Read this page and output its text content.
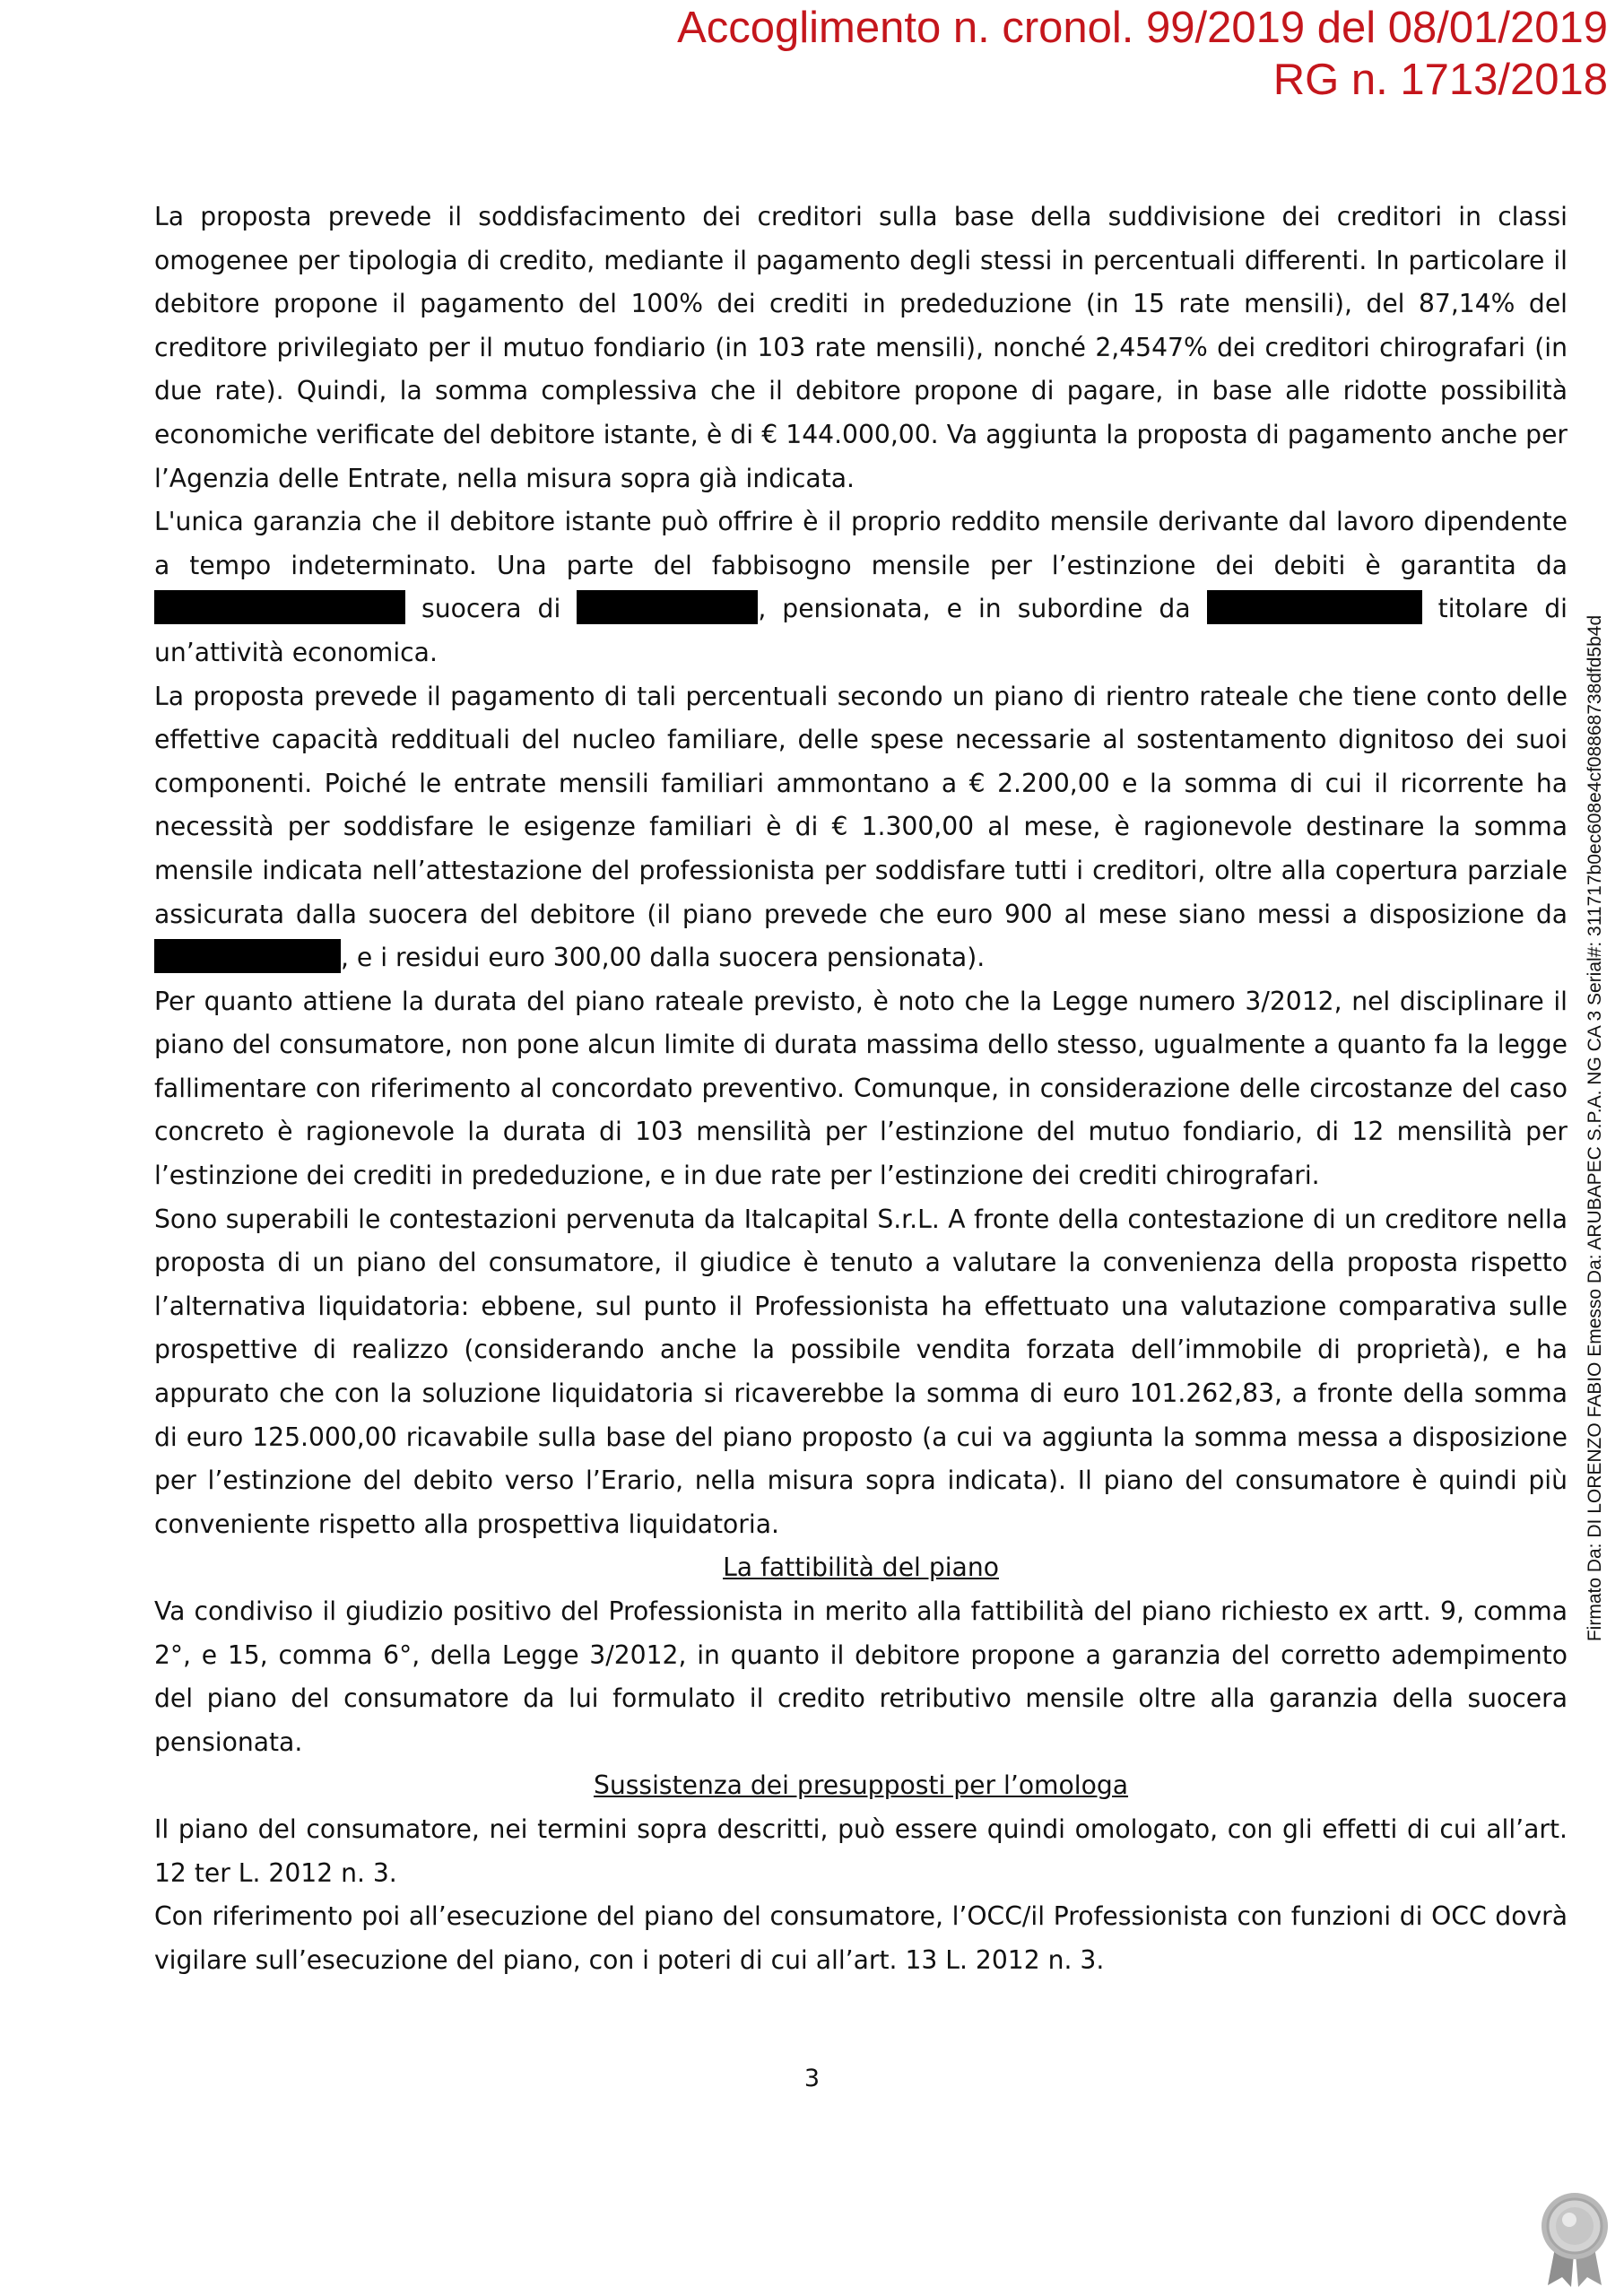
Accoglimento n. cronol. 99/2019 del 08/01/2019
RG n. 1713/2018

La proposta prevede il soddisfacimento dei creditori sulla base della suddivisione dei creditori in classi omogenee per tipologia di credito, mediante il pagamento degli stessi in percentuali differenti. In particolare il debitore propone il pagamento del 100% dei crediti in prededuzione (in 15 rate mensili), del 87,14% del creditore privilegiato per il mutuo fondiario (in 103 rate mensili), nonché 2,4547% dei creditori chirografari (in due rate). Quindi, la somma complessiva che il debitore propone di pagare, in base alle ridotte possibilità economiche verificate del debitore istante, è di € 144.000,00. Va aggiunta la proposta di pagamento anche per l’Agenzia delle Entrate, nella misura sopra già indicata.

L'unica garanzia che il debitore istante può offrire è il proprio reddito mensile derivante dal lavoro dipendente a tempo indeterminato. Una parte del fabbisogno mensile per l’estinzione dei debiti è garantita da suocera di	, pensionata, e in subordine da	titolare di un’attività economica.

La proposta prevede il pagamento di tali percentuali secondo un piano di rientro rateale che tiene conto delle effettive capacità reddituali del nucleo familiare, delle spese necessarie al sostentamento dignitoso dei suoi componenti. Poiché le entrate mensili familiari ammontano a € 2.200,00 e la somma di cui il ricorrente ha necessità per soddisfare le esigenze familiari è di € 1.300,00 al mese, è ragionevole destinare la somma mensile indicata nell’attestazione del professionista per soddisfare tutti i creditori, oltre alla copertura parziale assicurata dalla suocera del debitore (il piano prevede che euro 900 al mese siano messi a disposizione da , e i residui euro 300,00 dalla suocera pensionata).

Per quanto attiene la durata del piano rateale previsto, è noto che la Legge numero 3/2012, nel disciplinare il piano del consumatore, non pone alcun limite di durata massima dello stesso, ugualmente a quanto fa la legge fallimentare con riferimento al concordato preventivo. Comunque, in considerazione delle circostanze del caso concreto è ragionevole la durata di 103 mensilità per l’estinzione del mutuo fondiario, di 12 mensilità per l’estinzione dei crediti in prededuzione, e in due rate per l’estinzione dei crediti chirografari.

Sono superabili le contestazioni pervenuta da Italcapital S.r.L. A fronte della contestazione di un creditore nella proposta di un piano del consumatore, il giudice è tenuto a valutare la convenienza della proposta rispetto l’alternativa liquidatoria: ebbene, sul punto il Professionista ha effettuato una valutazione comparativa sulle prospettive di realizzo (considerando anche la possibile vendita forzata dell’immobile di proprietà), e ha appurato che con la soluzione liquidatoria si ricaverebbe la somma di euro 101.262,83, a fronte della somma di euro 125.000,00 ricavabile sulla base del piano proposto (a cui va aggiunta la somma messa a disposizione per l’estinzione del debito verso l’Erario, nella misura sopra indicata). Il piano del consumatore è quindi più conveniente rispetto alla prospettiva liquidatoria.

La fattibilità del piano

Va condiviso il giudizio positivo del Professionista in merito alla fattibilità del piano richiesto ex artt. 9, comma 2°, e 15, comma 6°, della Legge 3/2012, in quanto il debitore propone a garanzia del corretto adempimento del piano del consumatore da lui formulato il credito retributivo mensile oltre alla garanzia della suocera pensionata.

Sussistenza dei presupposti per l’omologa

Il piano del consumatore, nei termini sopra descritti, può essere quindi omologato, con gli effetti di cui all’art. 12 ter L. 2012 n. 3.

Con riferimento poi all’esecuzione del piano del consumatore, l’OCC/il Professionista con funzioni di OCC dovrà vigilare sull’esecuzione del piano, con i poteri di cui all’art. 13 L. 2012 n. 3.

3
Firmato Da: DI LORENZO FABIO Emesso Da: ARUBAPEC S.P.A. NG CA 3 Serial#: 311717b0ec608e4cf08868738dfd5b4d
